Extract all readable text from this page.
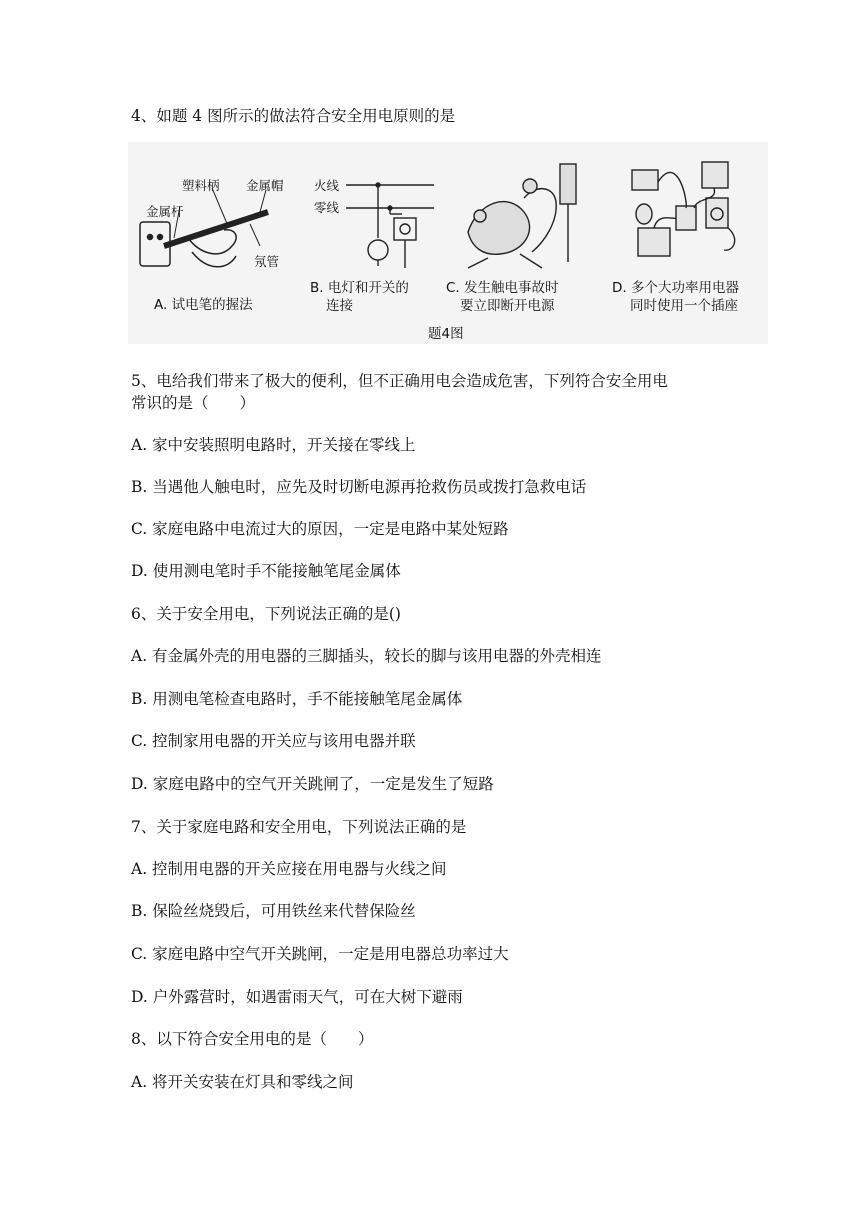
4、如题 4 图所示的做法符合安全用电原则的是
塑料柄 金属帽
金属杆
氖管
A. 试电笔的握法
火线
零线
B. 电灯和开关的
连接
C. 发生触电事故时
要立即断开电源
D. 多个大功率用电器
同时使用一个插座
题4图
5、电给我们带来了极大的便利，但不正确用电会造成危害，下列符合安全用电
常识的是（　　）
A. 家中安装照明电路时，开关接在零线上
B. 当遇他人触电时，应先及时切断电源再抢救伤员或拨打急救电话
C. 家庭电路中电流过大的原因，一定是电路中某处短路
D. 使用测电笔时手不能接触笔尾金属体
6、关于安全用电，下列说法正确的是()
A. 有金属外壳的用电器的三脚插头，较长的脚与该用电器的外壳相连
B. 用测电笔检查电路时，手不能接触笔尾金属体
C. 控制家用电器的开关应与该用电器并联
D. 家庭电路中的空气开关跳闸了，一定是发生了短路
7、关于家庭电路和安全用电，下列说法正确的是
A. 控制用电器的开关应接在用电器与火线之间
B. 保险丝烧毁后，可用铁丝来代替保险丝
C. 家庭电路中空气开关跳闸，一定是用电器总功率过大
D. 户外露营时，如遇雷雨天气，可在大树下避雨
8、以下符合安全用电的是（　　）
A. 将开关安装在灯具和零线之间
